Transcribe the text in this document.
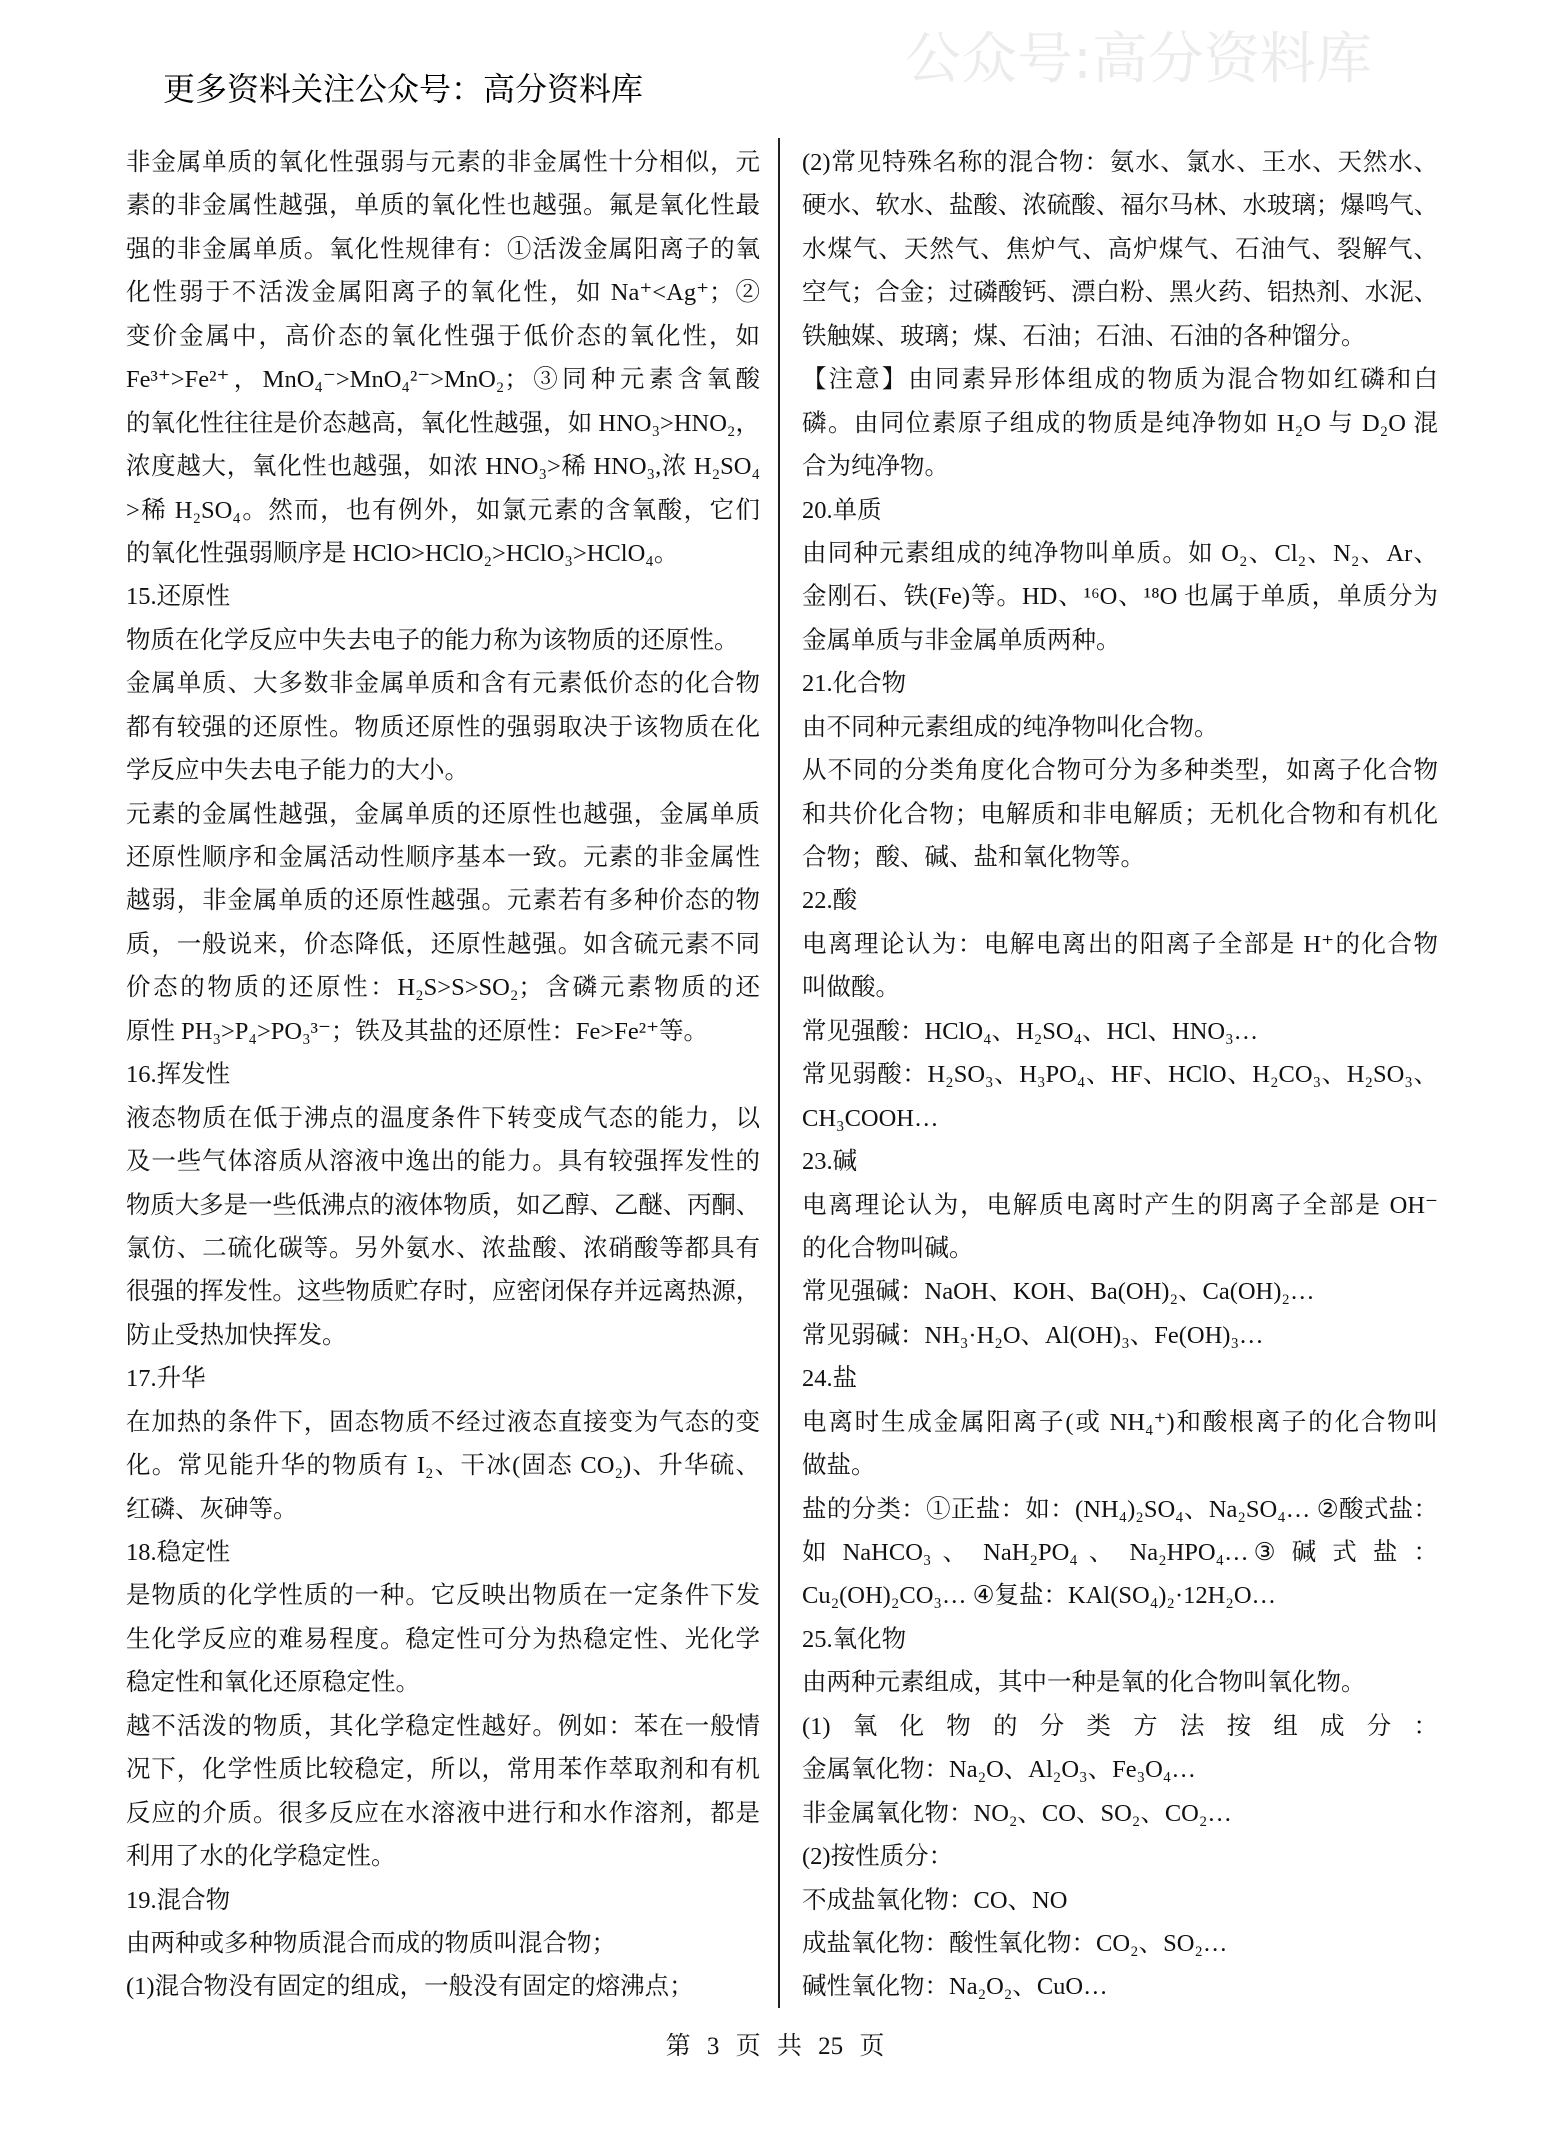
公众号:高分资料库
更多资料关注公众号：高分资料库
非金属单质的氧化性强弱与元素的非金属性十分相似，元
素的非金属性越强，单质的氧化性也越强。氟是氧化性最
强的非金属单质。氧化性规律有：①活泼金属阳离子的氧
化性弱于不活泼金属阳离子的氧化性，如 Na⁺<Ag⁺；②
变价金属中，高价态的氧化性强于低价态的氧化性，如
Fe³⁺>Fe²⁺，MnO₄⁻>MnO₄²⁻>MnO₂；③同种元素含氧酸
的氧化性往往是价态越高，氧化性越强，如 HNO₃>HNO₂，
浓度越大，氧化性也越强，如浓 HNO₃>稀 HNO₃,浓 H₂SO₄
>稀 H₂SO₄。然而，也有例外，如氯元素的含氧酸，它们
的氧化性强弱顺序是 HClO>HClO₂>HClO₃>HClO₄。
15.还原性
物质在化学反应中失去电子的能力称为该物质的还原性。
金属单质、大多数非金属单质和含有元素低价态的化合物
都有较强的还原性。物质还原性的强弱取决于该物质在化
学反应中失去电子能力的大小。
元素的金属性越强，金属单质的还原性也越强，金属单质
还原性顺序和金属活动性顺序基本一致。元素的非金属性
越弱，非金属单质的还原性越强。元素若有多种价态的物
质，一般说来，价态降低，还原性越强。如含硫元素不同
价态的物质的还原性：H₂S>S>SO₂；含磷元素物质的还
原性 PH₃>P₄>PO₃³⁻；铁及其盐的还原性：Fe>Fe²⁺等。
16.挥发性
液态物质在低于沸点的温度条件下转变成气态的能力，以
及一些气体溶质从溶液中逸出的能力。具有较强挥发性的
物质大多是一些低沸点的液体物质，如乙醇、乙醚、丙酮、
氯仿、二硫化碳等。另外氨水、浓盐酸、浓硝酸等都具有
很强的挥发性。这些物质贮存时，应密闭保存并远离热源，
防止受热加快挥发。
17.升华
在加热的条件下，固态物质不经过液态直接变为气态的变
化。常见能升华的物质有 I₂、干冰(固态 CO₂)、升华硫、
红磷、灰砷等。
18.稳定性
是物质的化学性质的一种。它反映出物质在一定条件下发
生化学反应的难易程度。稳定性可分为热稳定性、光化学
稳定性和氧化还原稳定性。
越不活泼的物质，其化学稳定性越好。例如：苯在一般情
况下，化学性质比较稳定，所以，常用苯作萃取剂和有机
反应的介质。很多反应在水溶液中进行和水作溶剂，都是
利用了水的化学稳定性。
19.混合物
由两种或多种物质混合而成的物质叫混合物；
(1)混合物没有固定的组成，一般没有固定的熔沸点；
(2)常见特殊名称的混合物：氨水、氯水、王水、天然水、
硬水、软水、盐酸、浓硫酸、福尔马林、水玻璃；爆鸣气、
水煤气、天然气、焦炉气、高炉煤气、石油气、裂解气、
空气；合金；过磷酸钙、漂白粉、黑火药、铝热剂、水泥、
铁触媒、玻璃；煤、石油；石油、石油的各种馏分。
【注意】由同素异形体组成的物质为混合物如红磷和白
磷。由同位素原子组成的物质是纯净物如 H₂O 与 D₂O 混
合为纯净物。
20.单质
由同种元素组成的纯净物叫单质。如 O₂、Cl₂、N₂、Ar、
金刚石、铁(Fe)等。HD、¹⁶O、¹⁸O 也属于单质，单质分为
金属单质与非金属单质两种。
21.化合物
由不同种元素组成的纯净物叫化合物。
从不同的分类角度化合物可分为多种类型，如离子化合物
和共价化合物；电解质和非电解质；无机化合物和有机化
合物；酸、碱、盐和氧化物等。
22.酸
电离理论认为：电解电离出的阳离子全部是 H⁺的化合物
叫做酸。
常见强酸：HClO₄、H₂SO₄、HCl、HNO₃…
常见弱酸：H₂SO₃、H₃PO₄、HF、HClO、H₂CO₃、H₂SO₃、
CH₃COOH…
23.碱
电离理论认为，电解质电离时产生的阴离子全部是 OH⁻
的化合物叫碱。
常见强碱：NaOH、KOH、Ba(OH)₂、Ca(OH)₂…
常见弱碱：NH₃·H₂O、Al(OH)₃、Fe(OH)₃…
24.盐
电离时生成金属阳离子(或 NH₄⁺)和酸根离子的化合物叫
做盐。
盐的分类：①正盐：如：(NH₄)₂SO₄、Na₂SO₄… ②酸式盐：
如 NaHCO₃ 、 NaH₂PO₄ 、 Na₂HPO₄…③ 碱 式 盐 ：
Cu₂(OH)₂CO₃… ④复盐：KAl(SO₄)₂·12H₂O…
25.氧化物
由两种元素组成，其中一种是氧的化合物叫氧化物。
(1)氧化物的分类方法按组成分：
金属氧化物：Na₂O、Al₂O₃、Fe₃O₄…
非金属氧化物：NO₂、CO、SO₂、CO₂…
(2)按性质分：
不成盐氧化物：CO、NO
成盐氧化物：酸性氧化物：CO₂、SO₂…
碱性氧化物：Na₂O₂、CuO…
第 3 页 共 25 页
